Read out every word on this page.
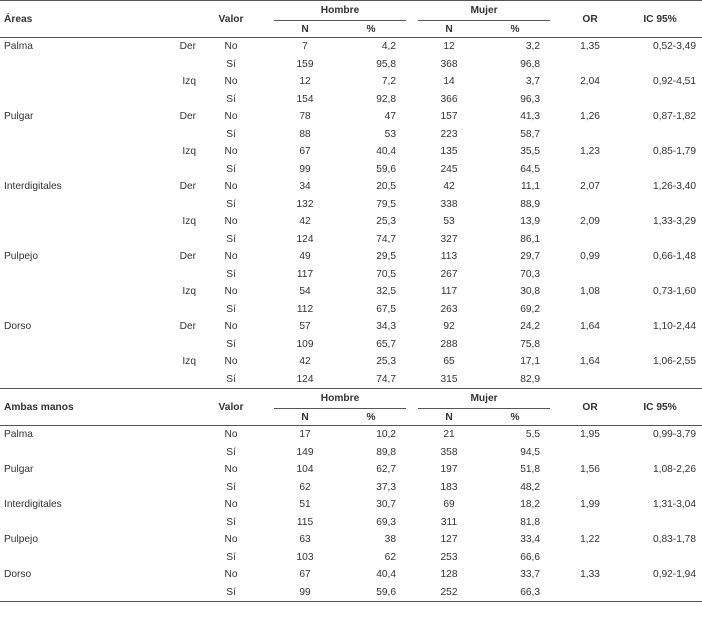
Áreas		Valor		Hombre			Mujer			OR	IC 95%
				N	%		N	%			
Palma	Der	No		7	4,2		12	3,2		1,35	0,52-3,49
		Sí		159	95,8		368	96,8			
	Izq	No		12	7,2		14	3,7		2,04	0,92-4,51
		Sí		154	92,8		366	96,3			
Pulgar	Der	No		78	47		157	41,3		1,26	0,87-1,82
		Sí		88	53		223	58,7			
	Izq	No		67	40,4		135	35,5		1,23	0,85-1,79
		Sí		99	59,6		245	64,5			
Interdigitales	Der	No		34	20,5		42	11,1		2,07	1,26-3,40
		Sí		132	79,5		338	88,9			
	Izq	No		42	25,3		53	13,9		2,09	1,33-3,29
		Sí		124	74,7		327	86,1			
Pulpejo	Der	No		49	29,5		113	29,7		0,99	0,66-1,48
		Sí		117	70,5		267	70,3			
	Izq	No		54	32,5		117	30,8		1,08	0,73-1,60
		Sí		112	67,5		263	69,2			
Dorso	Der	No		57	34,3		92	24,2		1,64	1,10-2,44
		Sí		109	65,7		288	75,8			
	Izq	No		42	25,3		65	17,1		1,64	1,06-2,55
		Sí		124	74,7		315	82,9			
Ambas manos		Valor		Hombre			Mujer			OR	IC 95%
				N	%		N	%			
Palma		No		17	10,2		21	5,5		1,95	0,99-3,79
		Sí		149	89,8		358	94,5			
Pulgar		No		104	62,7		197	51,8		1,56	1,08-2,26
		Sí		62	37,3		183	48,2			
Interdigitales		No		51	30,7		69	18,2		1,99	1,31-3,04
		Sí		115	69,3		311	81,8			
Pulpejo		No		63	38		127	33,4		1,22	0,83-1,78
		Sí		103	62		253	66,6			
Dorso		No		67	40,4		128	33,7		1,33	0,92-1,94
		Sí		99	59,6		252	66,3			
